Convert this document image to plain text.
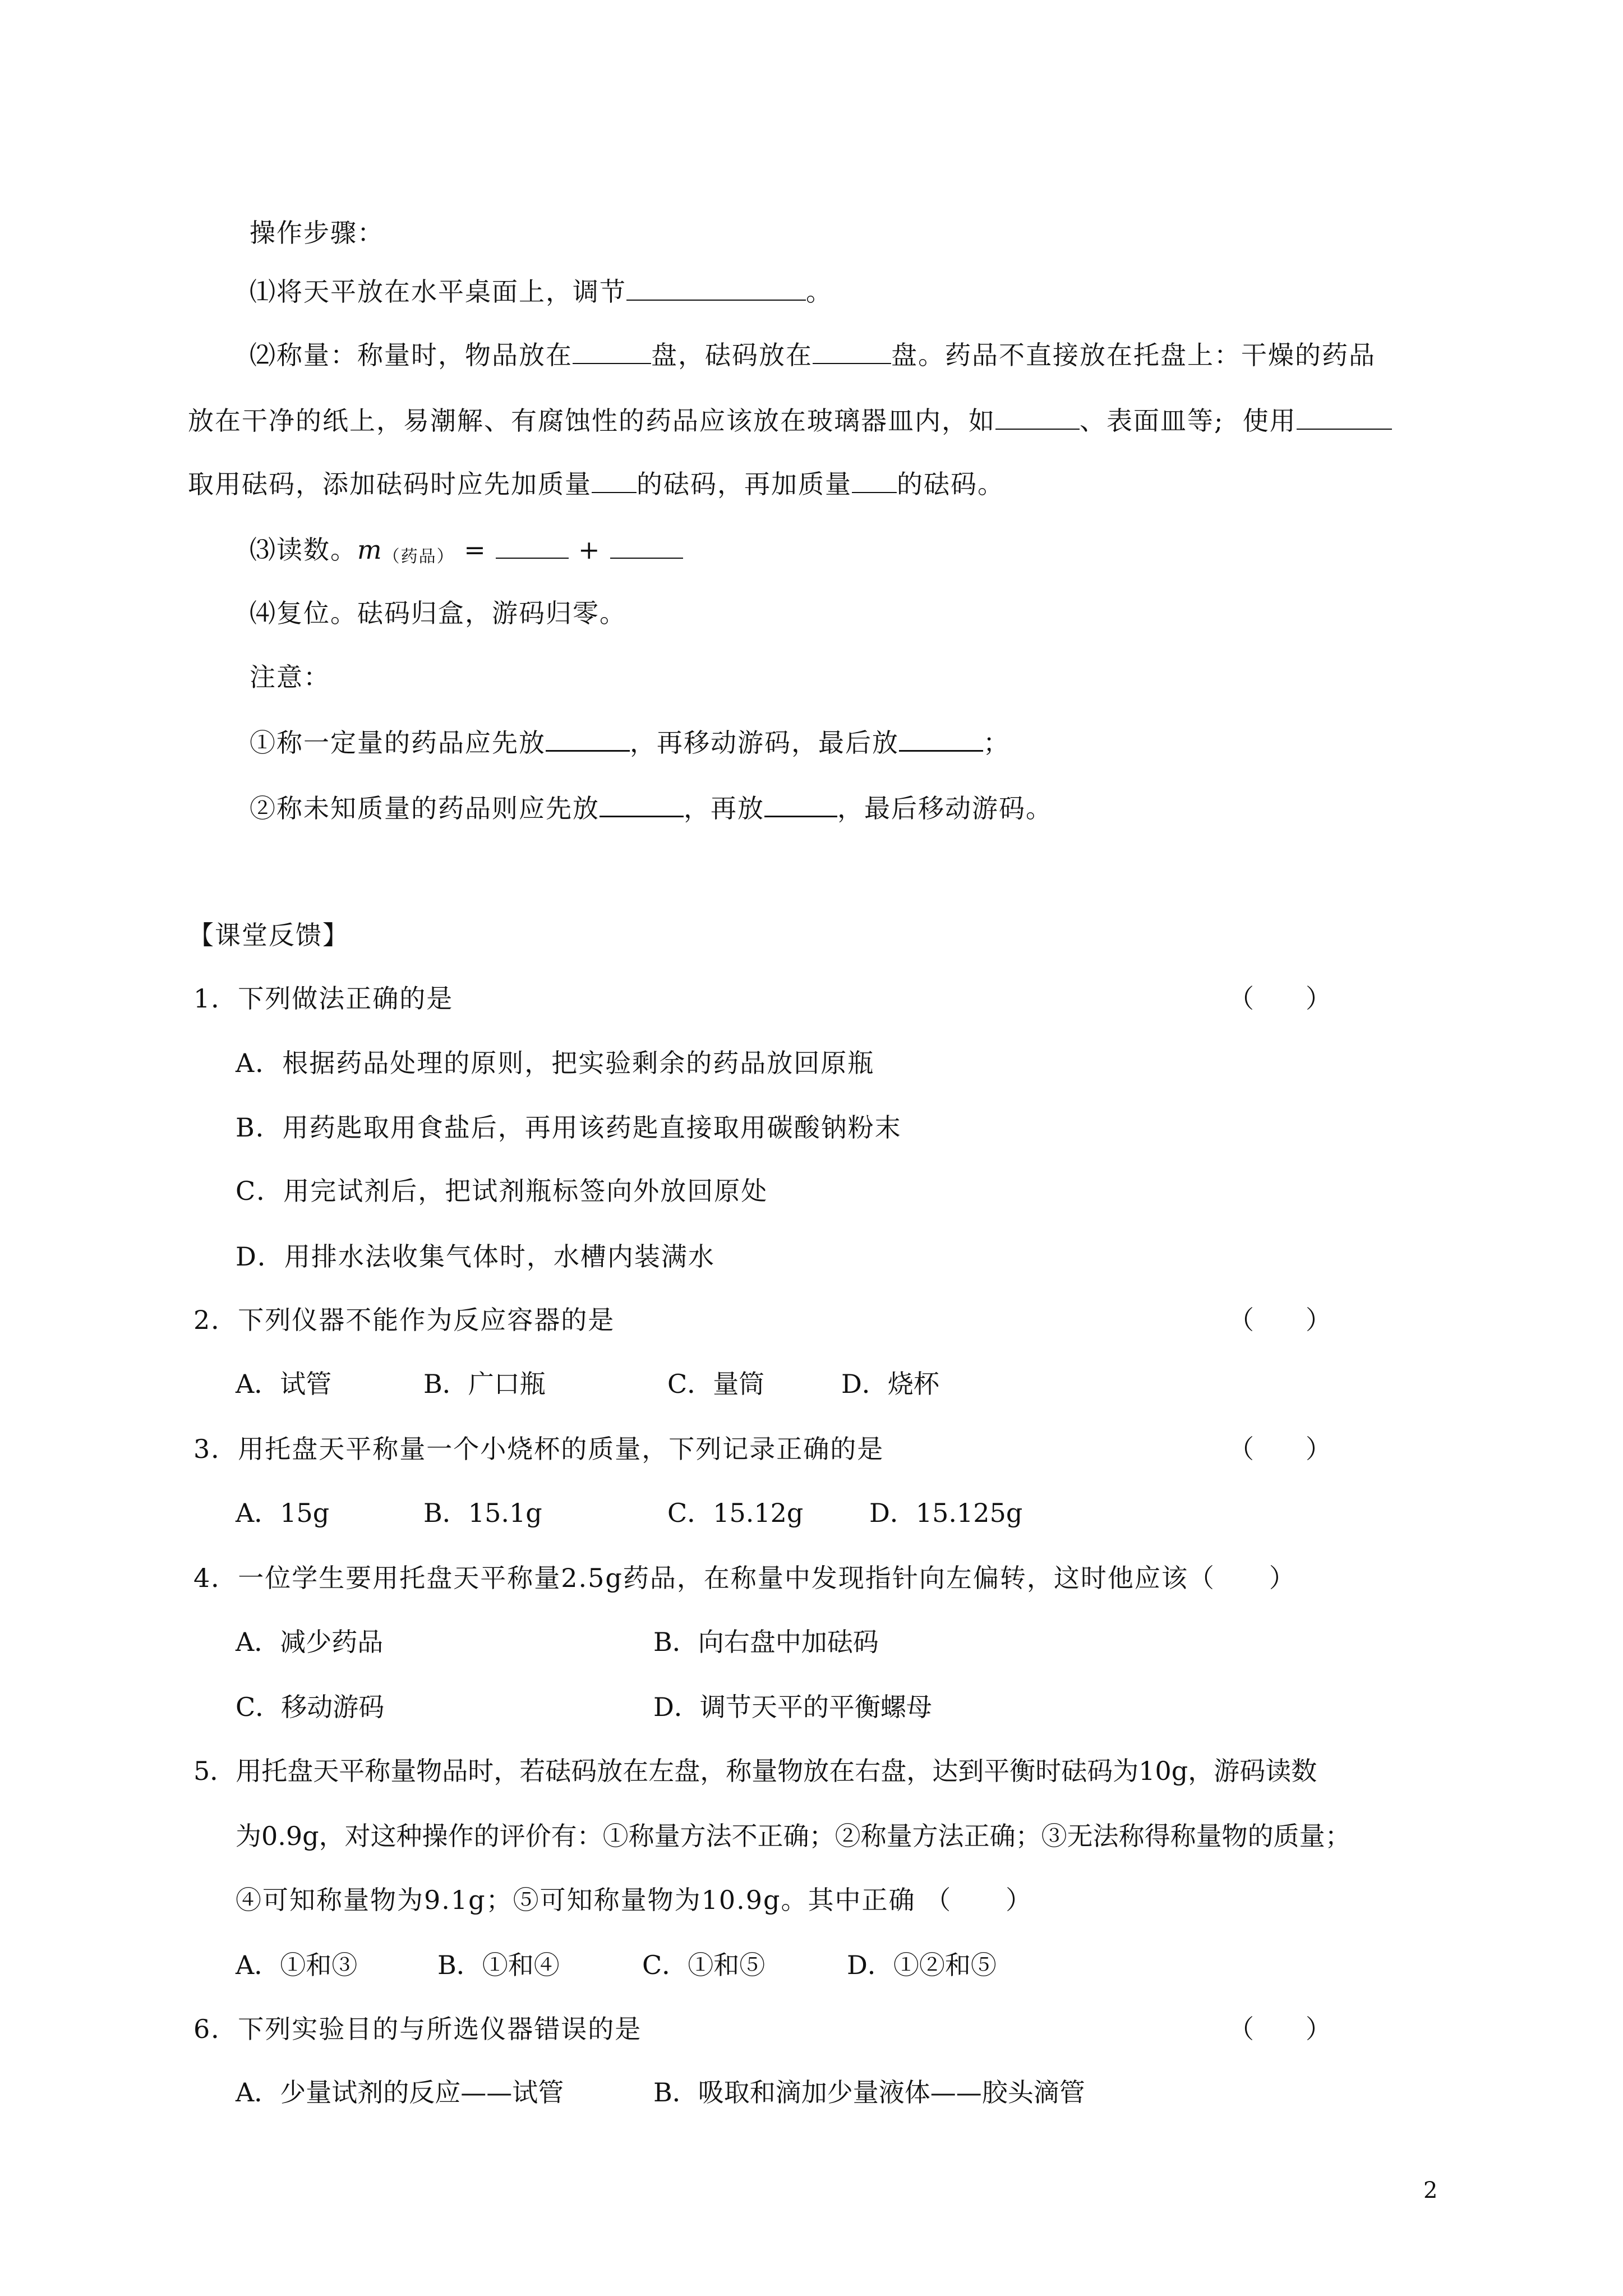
操作步骤：
⑴将天平放在水平桌面上，调节	。
⑵称量：称量时，物品放在	盘，砝码放在	盘。药品不直接放在托盘上：干燥的药品
放在干净的纸上，易潮解、有腐蚀性的药品应该放在玻璃器皿内，如	、表面皿等;  使用
取用砝码，添加砝码时应先加质量 的砝码，再加质量 的砝码。
⑶读数。$m_{(药品)}$ =	+
⑷复位。砝码归盒，游码归零。
注意：
①称一定量的药品应先放	，再移动游码，最后放	；
②称未知质量的药品则应先放	，再放	，最后移动游码。
【课堂反馈】
1．下列做法正确的是	（　　）
A．根据药品处理的原则，把实验剩余的药品放回原瓶
B．用药匙取用食盐后，再用该药匙直接取用碳酸钠粉末
C．用完试剂后，把试剂瓶标签向外放回原处
D．用排水法收集气体时，水槽内装满水
2．下列仪器不能作为反应容器的是	（　　）

A．试管

	B．广口瓶

	C．量筒

	D．烧杯

3．用托盘天平称量一个小烧杯的质量，下列记录正确的是	（　　）

A．15g

	B．15.1g

	C．15.12g

	D．15.125g

4．一位学生要用托盘天平称量2.5g药品，在称量中发现指针向左偏转，这时他应该（　　）

A．减少药品

	B．向右盘中加砝码

C．移动游码

	D．调节天平的平衡螺母

5．用托盘天平称量物品时，若砝码放在左盘，称量物放在右盘，达到平衡时砝码为10g，游码读数
为0.9g，对这种操作的评价有：①称量方法不正确；②称量方法正确；③无法称得称量物的质量；
④可知称量物为9.1g；⑤可知称量物为10.9g。其中正确 （　　）

A．①和③

	B．①和④

	C．①和⑤

	D．①②和⑤

6．下列实验目的与所选仪器错误的是	（　　）

A．少量试剂的反应——试管

	B．吸取和滴加少量液体——胶头滴管

2
